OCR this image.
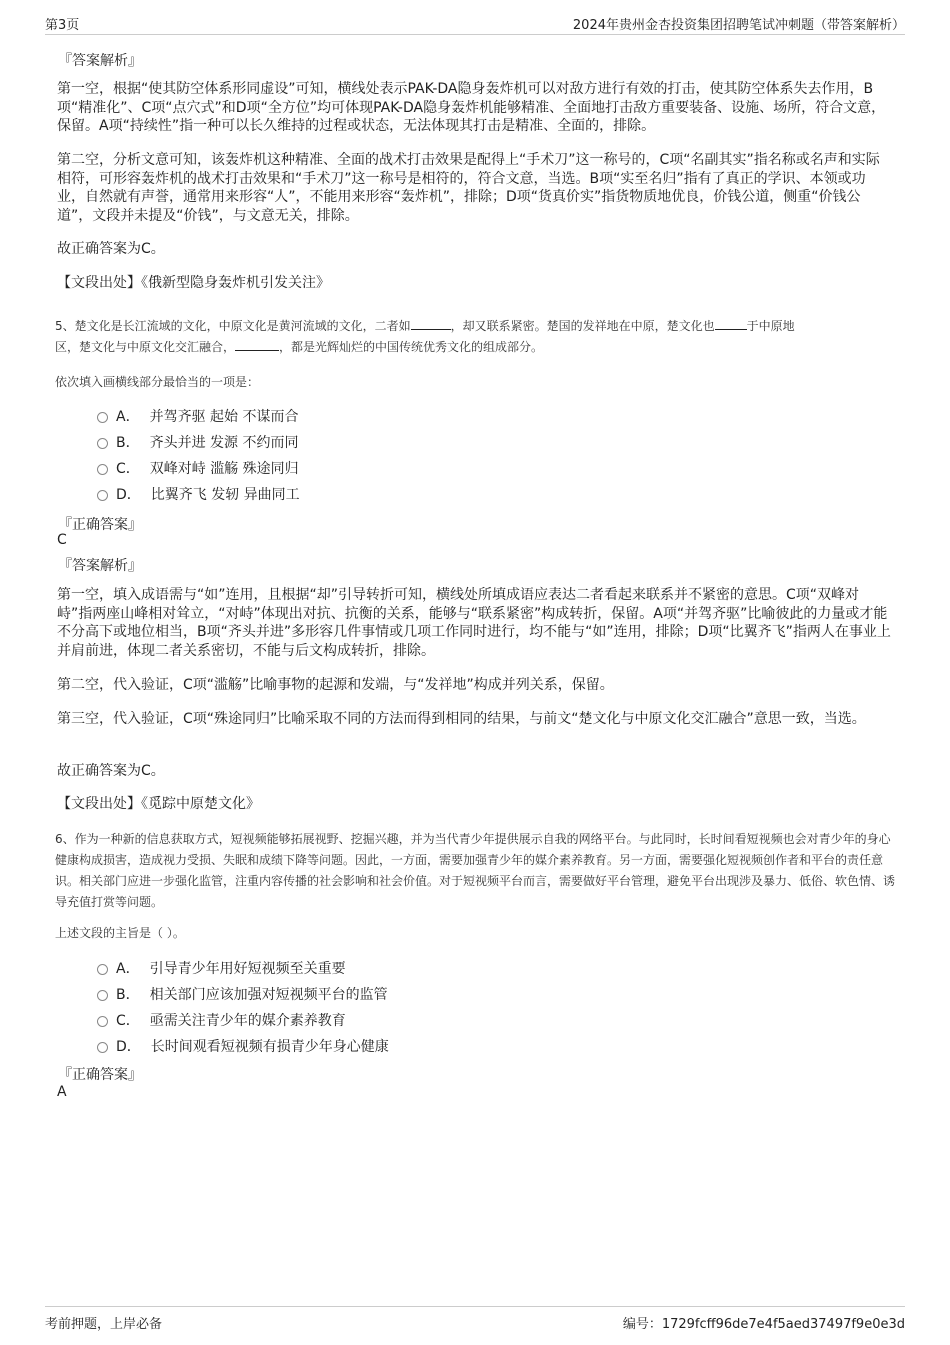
第3页	2024年贵州金杏投资集团招聘笔试冲刺题（带答案解析）
『答案解析』
第一空，根据“使其防空体系形同虚设”可知，横线处表示PAK-DA隐身轰炸机可以对敌方进行有效的打击，使其防空体系失去作用，B项“精准化”、C项“点穴式”和D项“全方位”均可体现PAK-DA隐身轰炸机能够精准、全面地打击敌方重要装备、设施、场所，符合文意，保留。A项“持续性”指一种可以长久维持的过程或状态，无法体现其打击是精准、全面的，排除。
第二空，分析文意可知，该轰炸机这种精准、全面的战术打击效果是配得上“手术刀”这一称号的，C项“名副其实”指名称或名声和实际相符，可形容轰炸机的战术打击效果和“手术刀”这一称号是相符的，符合文意，当选。B项“实至名归”指有了真正的学识、本领或功业，自然就有声誉，通常用来形容“人”，不能用来形容“轰炸机”，排除；D项“货真价实”指货物质地优良，价钱公道，侧重“价钱公道”，文段并未提及“价钱”，与文意无关，排除。
故正确答案为C。
【文段出处】《俄新型隐身轰炸机引发关注》
5、楚文化是长江流域的文化，中原文化是黄河流域的文化，二者如	，却又联系紧密。楚国的发祥地在中原，楚文化也	于中原地
区，楚文化与中原文化交汇融合，	，都是光辉灿烂的中国传统优秀文化的组成部分。
依次填入画横线部分最恰当的一项是：
A． 并驾齐驱 起始 不谋而合
B． 齐头并进 发源 不约而同
C． 双峰对峙 滥觞 殊途同归
D． 比翼齐飞 发轫 异曲同工
『正确答案』
C
『答案解析』
第一空，填入成语需与“如”连用，且根据“却”引导转折可知，横线处所填成语应表达二者看起来联系并不紧密的意思。C项“双峰对峙”指两座山峰相对耸立，“对峙”体现出对抗、抗衡的关系，能够与“联系紧密”构成转折，保留。A项“并驾齐驱”比喻彼此的力量或才能不分高下或地位相当，B项“齐头并进”多形容几件事情或几项工作同时进行，均不能与“如”连用，排除；D项“比翼齐飞”指两人在事业上并肩前进，体现二者关系密切，不能与后文构成转折，排除。
第二空，代入验证，C项“滥觞”比喻事物的起源和发端，与“发祥地”构成并列关系，保留。
第三空，代入验证，C项“殊途同归”比喻采取不同的方法而得到相同的结果，与前文“楚文化与中原文化交汇融合”意思一致，当选。
故正确答案为C。
【文段出处】《觅踪中原楚文化》
6、作为一种新的信息获取方式，短视频能够拓展视野、挖掘兴趣，并为当代青少年提供展示自我的网络平台。与此同时，长时间看短视频也会对青少年的身心健康构成损害，造成视力受损、失眠和成绩下降等问题。因此，一方面，需要加强青少年的媒介素养教育。另一方面，需要强化短视频创作者和平台的责任意识。相关部门应进一步强化监管，注重内容传播的社会影响和社会价值。对于短视频平台而言，需要做好平台管理，避免平台出现涉及暴力、低俗、软色情、诱导充值打赏等问题。
上述文段的主旨是（ ）。
A． 引导青少年用好短视频至关重要
B． 相关部门应该加强对短视频平台的监管
C． 亟需关注青少年的媒介素养教育
D． 长时间观看短视频有损青少年身心健康
『正确答案』
A
考前押题，上岸必备	编号：1729fcff96de7e4f5aed37497f9e0e3d
